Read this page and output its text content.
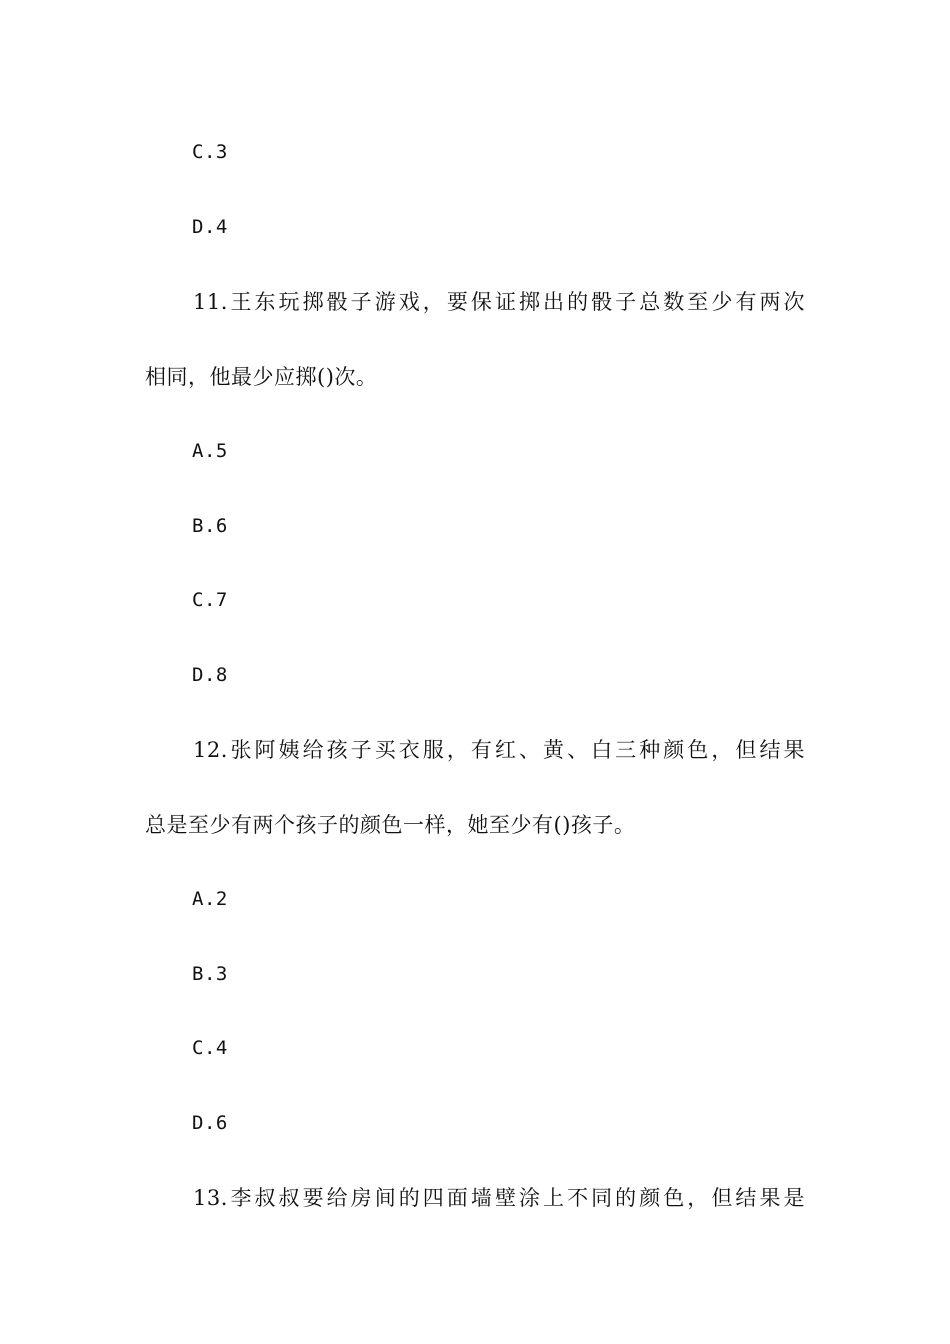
C.3
D.4
11.王东玩掷骰子游戏，要保证掷出的骰子总数至少有两次
相同，他最少应掷()次。
A.5
B.6
C.7
D.8
12.张阿姨给孩子买衣服，有红、黄、白三种颜色，但结果
总是至少有两个孩子的颜色一样，她至少有()孩子。
A.2
B.3
C.4
D.6
13.李叔叔要给房间的四面墙壁涂上不同的颜色，但结果是
